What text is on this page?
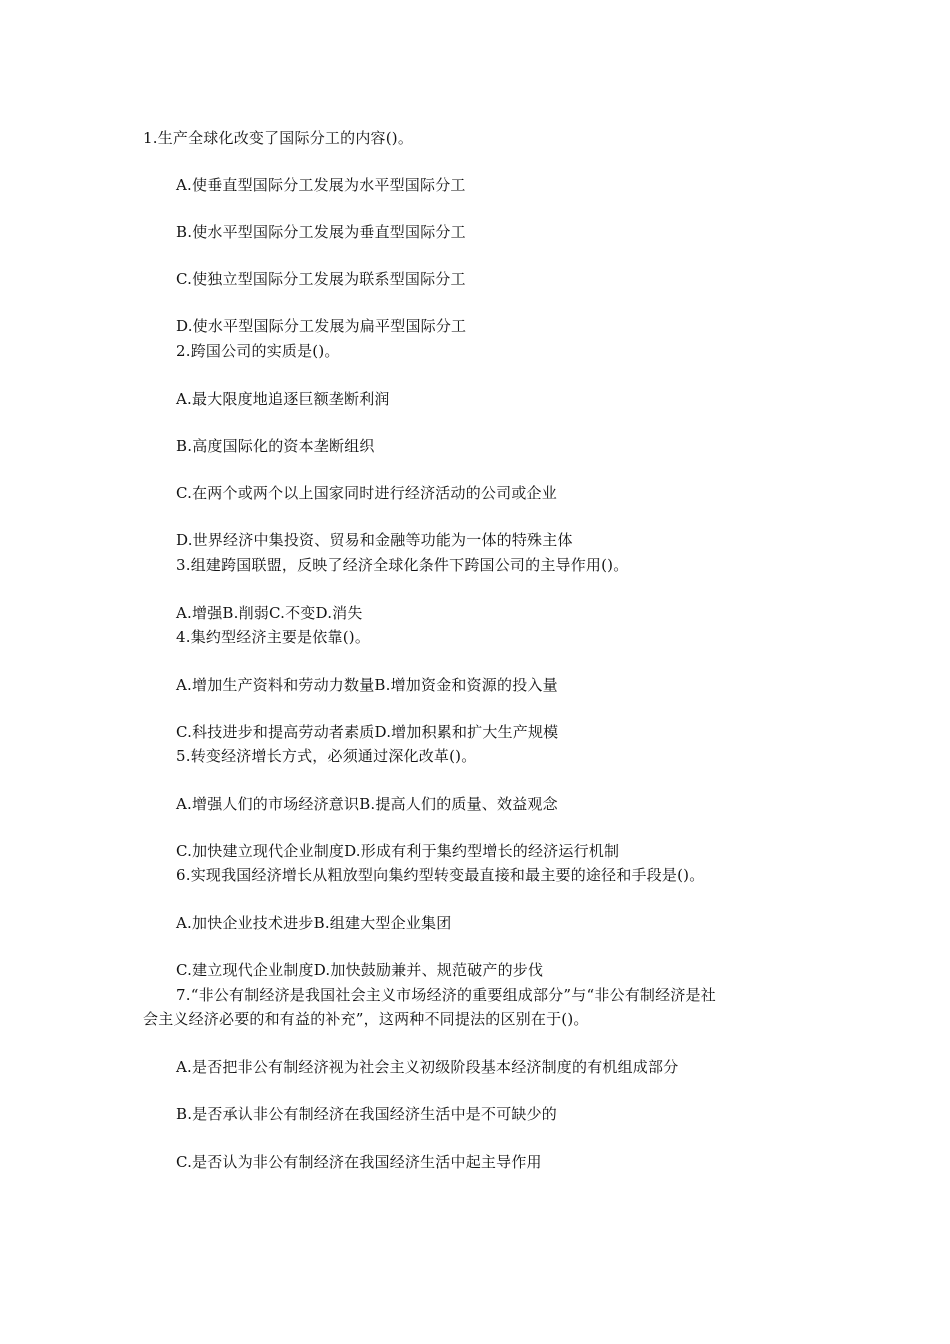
1.生产全球化改变了国际分工的内容()。
A.使垂直型国际分工发展为水平型国际分工
B.使水平型国际分工发展为垂直型国际分工
C.使独立型国际分工发展为联系型国际分工
D.使水平型国际分工发展为扁平型国际分工
2.跨国公司的实质是()。
A.最大限度地追逐巨额垄断利润
B.高度国际化的资本垄断组织
C.在两个或两个以上国家同时进行经济活动的公司或企业
D.世界经济中集投资、贸易和金融等功能为一体的特殊主体
3.组建跨国联盟，反映了经济全球化条件下跨国公司的主导作用()。
A.增强B.削弱C.不变D.消失
4.集约型经济主要是依靠()。
A.增加生产资料和劳动力数量B.增加资金和资源的投入量
C.科技进步和提高劳动者素质D.增加积累和扩大生产规模
5.转变经济增长方式，必须通过深化改革()。
A.增强人们的市场经济意识B.提高人们的质量、效益观念
C.加快建立现代企业制度D.形成有利于集约型增长的经济运行机制
6.实现我国经济增长从粗放型向集约型转变最直接和最主要的途径和手段是()。
A.加快企业技术进步B.组建大型企业集团
C.建立现代企业制度D.加快鼓励兼并、规范破产的步伐
7.“非公有制经济是我国社会主义市场经济的重要组成部分”与“非公有制经济是社
会主义经济必要的和有益的补充”，这两种不同提法的区别在于()。
A.是否把非公有制经济视为社会主义初级阶段基本经济制度的有机组成部分
B.是否承认非公有制经济在我国经济生活中是不可缺少的
C.是否认为非公有制经济在我国经济生活中起主导作用
